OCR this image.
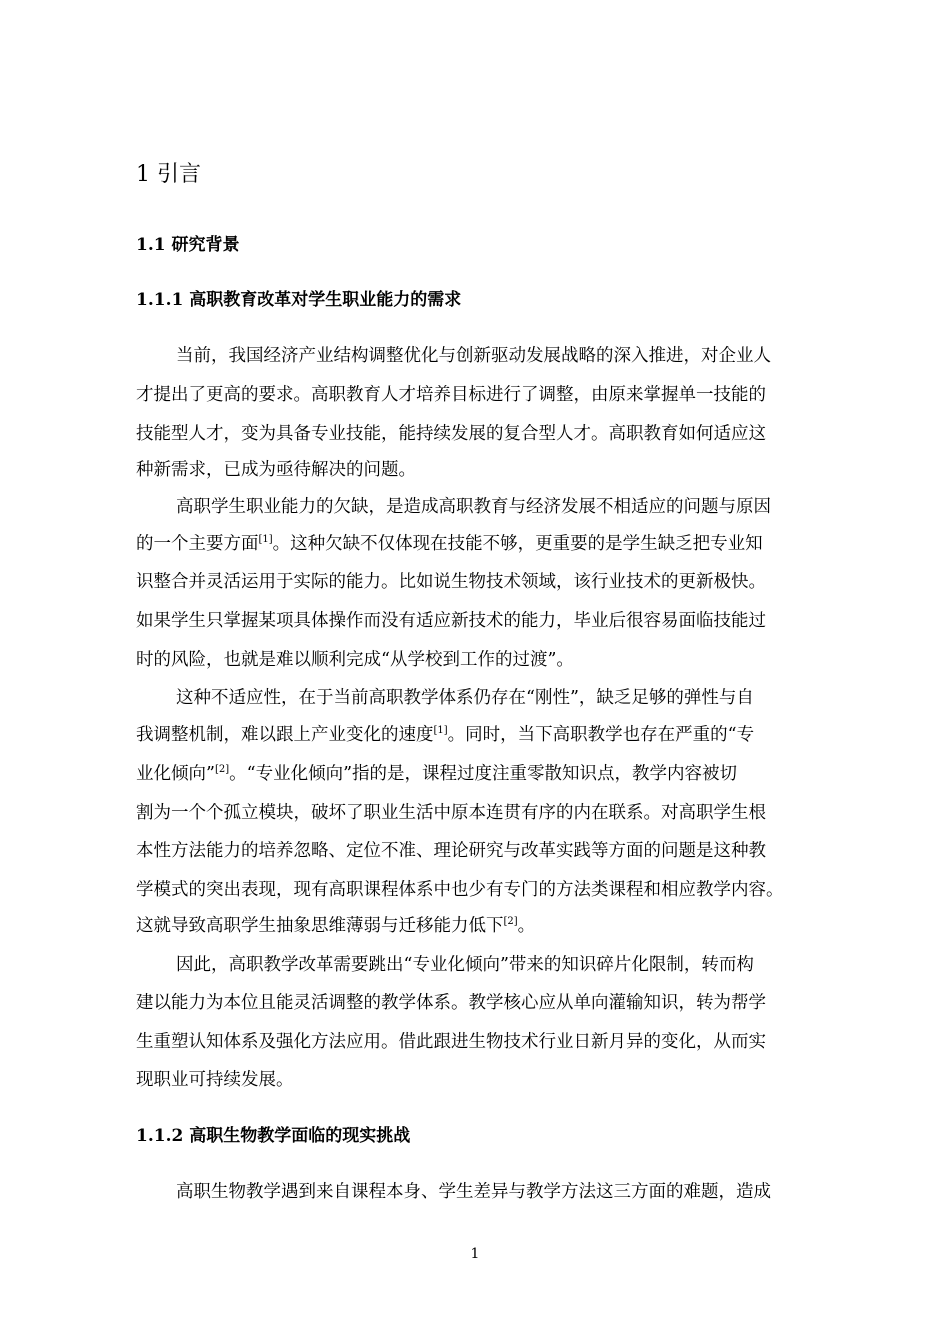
1 引言
1.1 研究背景
1.1.1 高职教育改革对学生职业能力的需求
当前，我国经济产业结构调整优化与创新驱动发展战略的深入推进，对企业人
才提出了更高的要求。高职教育人才培养目标进行了调整，由原来掌握单一技能的
技能型人才，变为具备专业技能，能持续发展的复合型人才。高职教育如何适应这
种新需求，已成为亟待解决的问题。
高职学生职业能力的欠缺，是造成高职教育与经济发展不相适应的问题与原因
的一个主要方面[1]。这种欠缺不仅体现在技能不够，更重要的是学生缺乏把专业知
识整合并灵活运用于实际的能力。比如说生物技术领域，该行业技术的更新极快。
如果学生只掌握某项具体操作而没有适应新技术的能力，毕业后很容易面临技能过
时的风险，也就是难以顺利完成“从学校到工作的过渡”。
这种不适应性，在于当前高职教学体系仍存在“刚性”，缺乏足够的弹性与自
我调整机制，难以跟上产业变化的速度[1]。同时，当下高职教学也存在严重的“专
业化倾向”[2]。“专业化倾向”指的是，课程过度注重零散知识点，教学内容被切
割为一个个孤立模块，破坏了职业生活中原本连贯有序的内在联系。对高职学生根
本性方法能力的培养忽略、定位不准、理论研究与改革实践等方面的问题是这种教
学模式的突出表现，现有高职课程体系中也少有专门的方法类课程和相应教学内容。
这就导致高职学生抽象思维薄弱与迁移能力低下[2]。
因此，高职教学改革需要跳出“专业化倾向”带来的知识碎片化限制，转而构
建以能力为本位且能灵活调整的教学体系。教学核心应从单向灌输知识，转为帮学
生重塑认知体系及强化方法应用。借此跟进生物技术行业日新月异的变化，从而实
现职业可持续发展。
1.1.2 高职生物教学面临的现实挑战
高职生物教学遇到来自课程本身、学生差异与教学方法这三方面的难题，造成
1
